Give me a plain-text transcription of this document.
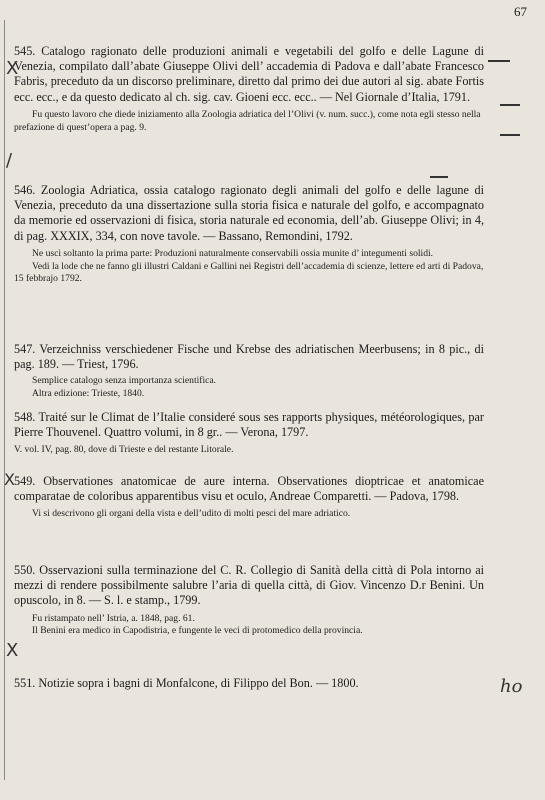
67

545. Catalogo ragionato delle produzioni animali e vegetabili del golfo e delle Lagune di Venezia, compilato dall’abate Giuseppe Olivi dell’ accademia di Padova e dall’abate Francesco Fabris, preceduto da un discorso preliminare, diretto dal primo dei due autori al sig. abate Fortis ecc. ecc., e da questo dedicato al ch. sig. cav. Gioeni ecc. ecc.. — Nel Giornale d’Italia, 1791.

Fu questo lavoro che diede iniziamento alla Zoologia adriatica del l’Olivi (v. num. succ.), come nota egli stesso nella prefazione di quest’opera a pag. 9.

546. Zoologia Adriatica, ossia catalogo ragionato degli animali del golfo e delle lagune di Venezia, preceduto da una dissertazione sulla storia fisica e naturale del golfo, e accompagnato da memorie ed osservazioni di fisica, storia naturale ed economia, dell’ab. Giuseppe Olivi; in 4, di pag. XXXIX, 334, con nove tavole. — Bassano, Remondini, 1792.

Ne uscì soltanto la prima parte: Produzioni naturalmente conservabili ossia munite d’ integumenti solidi.

Vedi la lode che ne fanno gli illustri Caldani e Gallini nei Registri dell’accademia di scienze, lettere ed arti di Padova, 15 febbrajo 1792.

547. Verzeichniss verschiedener Fische und Krebse des adriatischen Meerbusens; in 8 pic., di pag. 189. — Triest, 1796.

Semplice catalogo senza importanza scientifica.

Altra edizione: Trieste, 1840.

548. Traité sur le Climat de l’Italie consideré sous ses rapports physiques, météorologiques, par Pierre Thouvenel. Quattro volumi, in 8 gr.. — Verona, 1797.

V. vol. IV, pag. 80, dove di Trieste e del restante Litorale.

549. Observationes anatomicae de aure interna. Observationes dioptricae et anatomicae comparatae de coloribus apparentibus visu et oculo, Andreae Comparetti. — Padova, 1798.

Vi si descrivono gli organi della vista e dell’udito di molti pesci del mare adriatico.

550. Osservazioni sulla terminazione del C. R. Collegio di Sanità della città di Pola intorno ai mezzi di rendere possibilmente salubre l’aria di quella città, di Giov. Vincenzo D.r Benini. Un opuscolo, in 8. — S. l. e stamp., 1799.

Fu ristampato nell’ Istria, a. 1848, pag. 61.

Il Benini era medico in Capodistria, e fungente le veci di protomedico della provincia.

551. Notizie sopra i bagni di Monfalcone, di Filippo del Bon. — 1800.

X
/
X
X
ho
